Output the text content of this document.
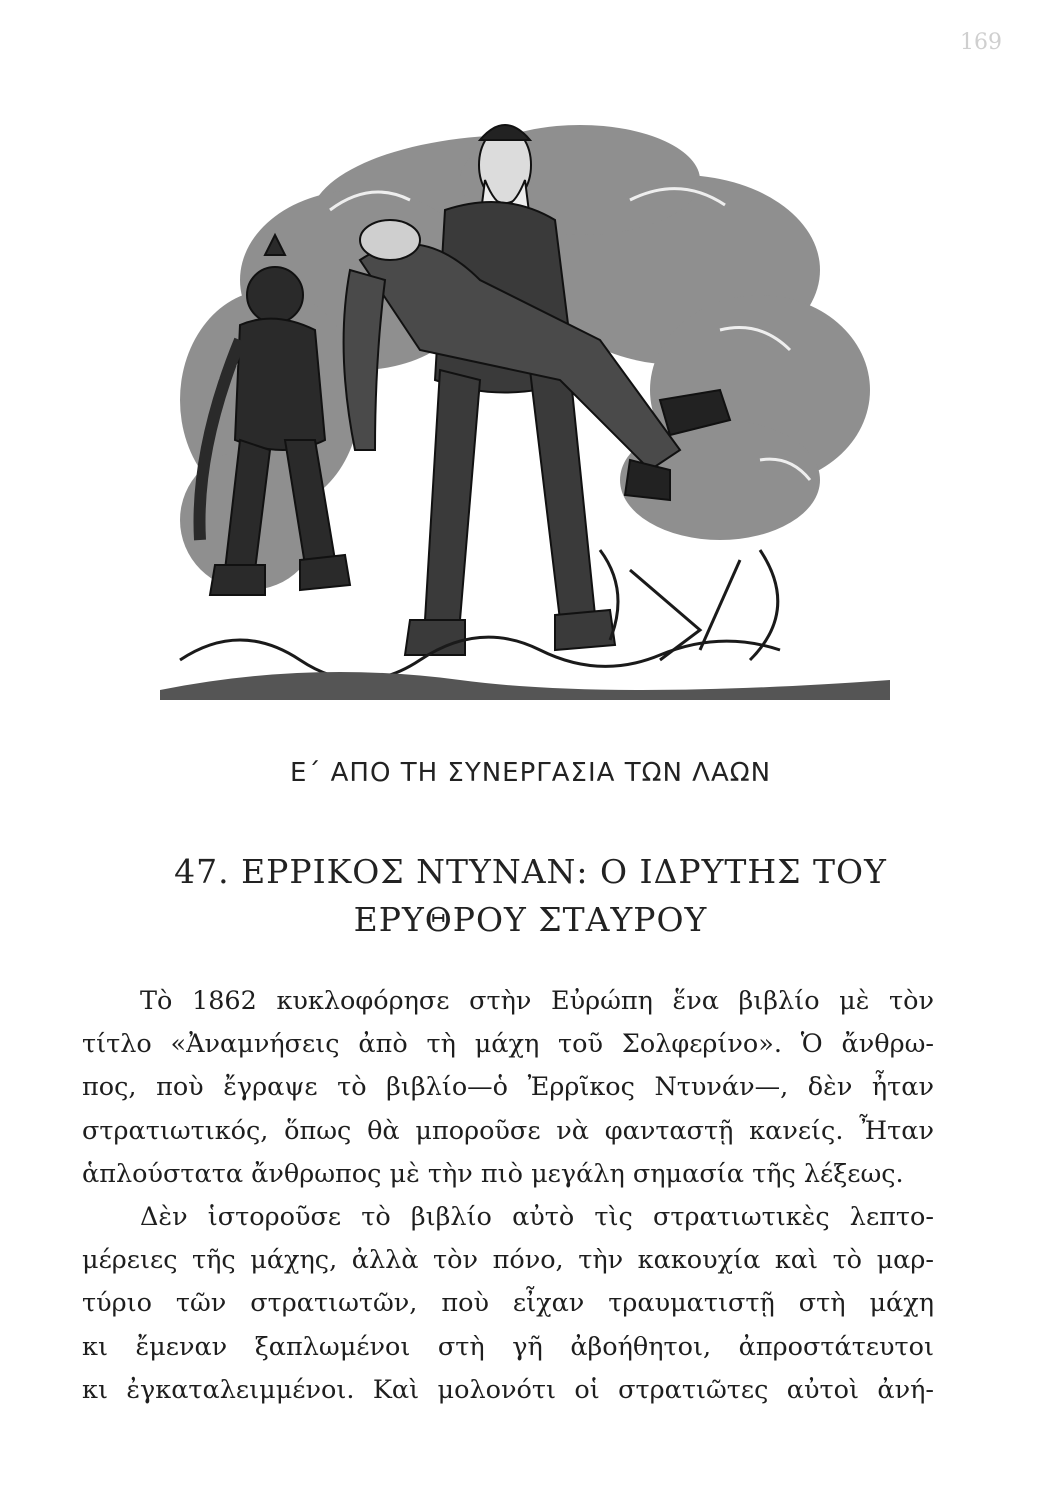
169
Ε΄ ΑΠΟ ΤΗ ΣΥΝΕΡΓΑΣΙΑ ΤΩΝ ΛΑΩΝ
47. ΕΡΡΙΚΟΣ ΝΤΥΝΑΝ: Ο ΙΔΡΥΤΗΣ ΤΟΥ
ΕΡΥΘΡΟΥ ΣΤΑΥΡΟΥ
Τὸ 1862 κυκλοφόρησε στὴν Εὐρώπη ἕνα βιβλίο μὲ τὸν
τίτλο «Ἀναμνήσεις ἀπὸ τὴ μάχη τοῦ Σολφερίνο». Ὁ ἄνθρω-
πος, ποὺ ἔγραψε τὸ βιβλίο—ὁ Ἐρρῖκος Ντυνάν—, δὲν ἦταν
στρατιωτικός, ὅπως θὰ μποροῦσε νὰ φανταστῇ κανείς. Ἦταν
ἁπλούστατα ἄνθρωπος μὲ τὴν πιὸ μεγάλη σημασία τῆς λέξεως.
Δὲν ἱστοροῦσε τὸ βιβλίο αὐτὸ τὶς στρατιωτικὲς λεπτο-
μέρειες τῆς μάχης, ἀλλὰ τὸν πόνο, τὴν κακουχία καὶ τὸ μαρ-
τύριο τῶν στρατιωτῶν, ποὺ εἶχαν τραυματιστῇ στὴ μάχη
κι ἔμεναν ξαπλωμένοι στὴ γῆ ἀβοήθητοι, ἀπροστάτευτοι
κι ἐγκαταλειμμένοι. Καὶ μολονότι οἱ στρατιῶτες αὐτοὶ ἀνή-
